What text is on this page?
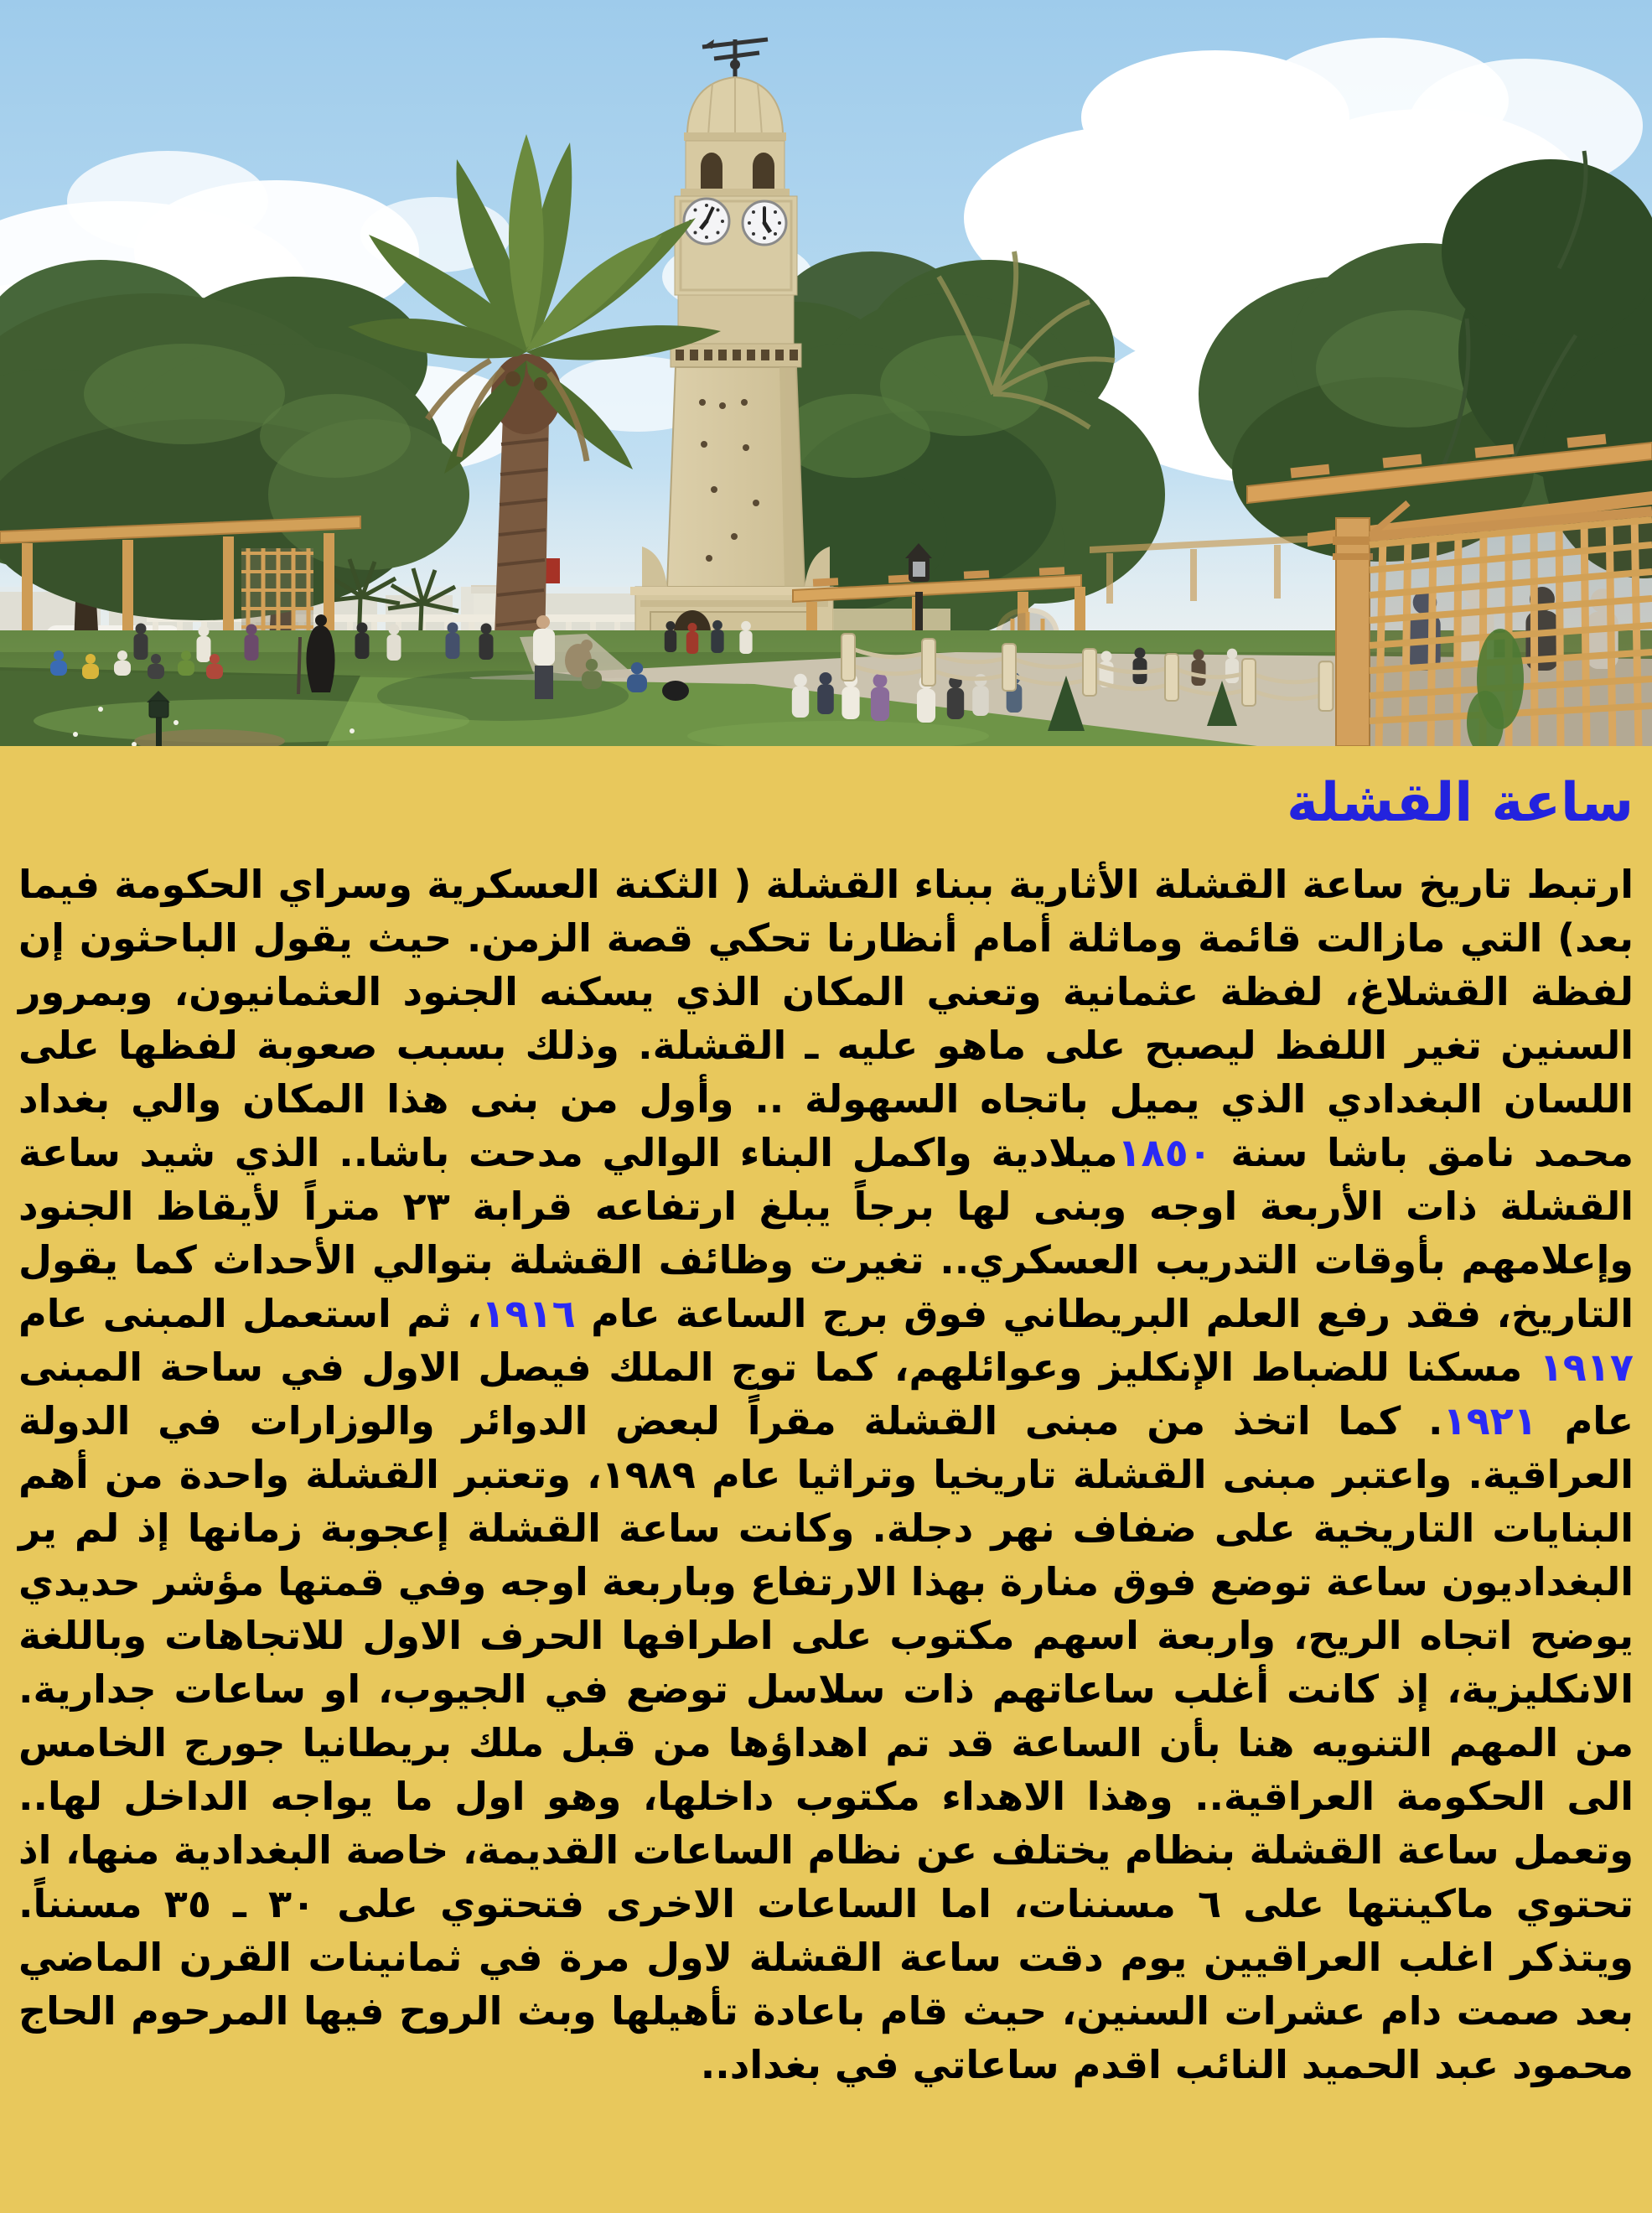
ساعة القشلة

ارتبط تاريخ ساعة القشلة الأثارية ببناء القشلة ( الثكنة العسكرية وسراي الحكومة فيما بعد) التي مازالت قائمة وماثلة أمام أنظارنا تحكي قصة الزمن. حيث يقول الباحثون إن لفظة القشلاغ، لفظة عثمانية وتعني المكان الذي يسكنه الجنود العثمانيون، وبمرور السنين تغير اللفظ ليصبح على ماهو عليه ـ القشلة. وذلك بسبب صعوبة لفظها على اللسان البغدادي الذي يميل باتجاه السهولة .. وأول من بنى هذا المكان والي بغداد محمد نامق باشا سنة ١٨٥٠ميلادية واكمل البناء الوالي مدحت باشا.. الذي شيد ساعة القشلة ذات الأربعة اوجه وبنى لها برجاً يبلغ ارتفاعه قرابة ٢٣ متراً لأيقاظ الجنود وإعلامهم بأوقات التدريب العسكري.. تغيرت وظائف القشلة بتوالي الأحداث كما يقول التاريخ، فقد رفع العلم البريطاني فوق برج الساعة عام ١٩١٦، ثم استعمل المبنى عام ١٩١٧ مسكنا للضباط الإنكليز وعوائلهم، كما توج الملك فيصل الاول في ساحة المبنى عام ١٩٢١. كما اتخذ من مبنى القشلة مقراً لبعض الدوائر والوزارات في الدولة العراقية. واعتبر مبنى القشلة تاريخيا وتراثيا عام ١٩٨٩، وتعتبر القشلة واحدة من أهم البنايات التاريخية على ضفاف نهر دجلة. وكانت ساعة القشلة إعجوبة زمانها إذ لم ير البغداديون ساعة توضع فوق منارة بهذا الارتفاع وباربعة اوجه وفي قمتها مؤشر حديدي يوضح اتجاه الريح، واربعة اسهم مكتوب على اطرافها الحرف الاول للاتجاهات وباللغة الانكليزية، إذ كانت أغلب ساعاتهم ذات سلاسل توضع في الجيوب، او ساعات جدارية. من المهم التنويه هنا بأن الساعة قد تم اهداؤها من قبل ملك بريطانيا جورج الخامس الى الحكومة العراقية.. وهذا الاهداء مكتوب داخلها، وهو اول ما يواجه الداخل لها.. وتعمل ساعة القشلة بنظام يختلف عن نظام الساعات القديمة، خاصة البغدادية منها، اذ تحتوي ماكينتها على ٦ مسننات، اما الساعات الاخرى فتحتوي على ٣٠ ـ ٣٥ مسنناً. ويتذكر اغلب العراقيين يوم دقت ساعة القشلة لاول مرة في ثمانينات القرن الماضي بعد صمت دام عشرات السنين، حيث قام باعادة تأهيلها وبث الروح فيها المرحوم الحاج محمود عبد الحميد النائب اقدم ساعاتي في بغداد..
